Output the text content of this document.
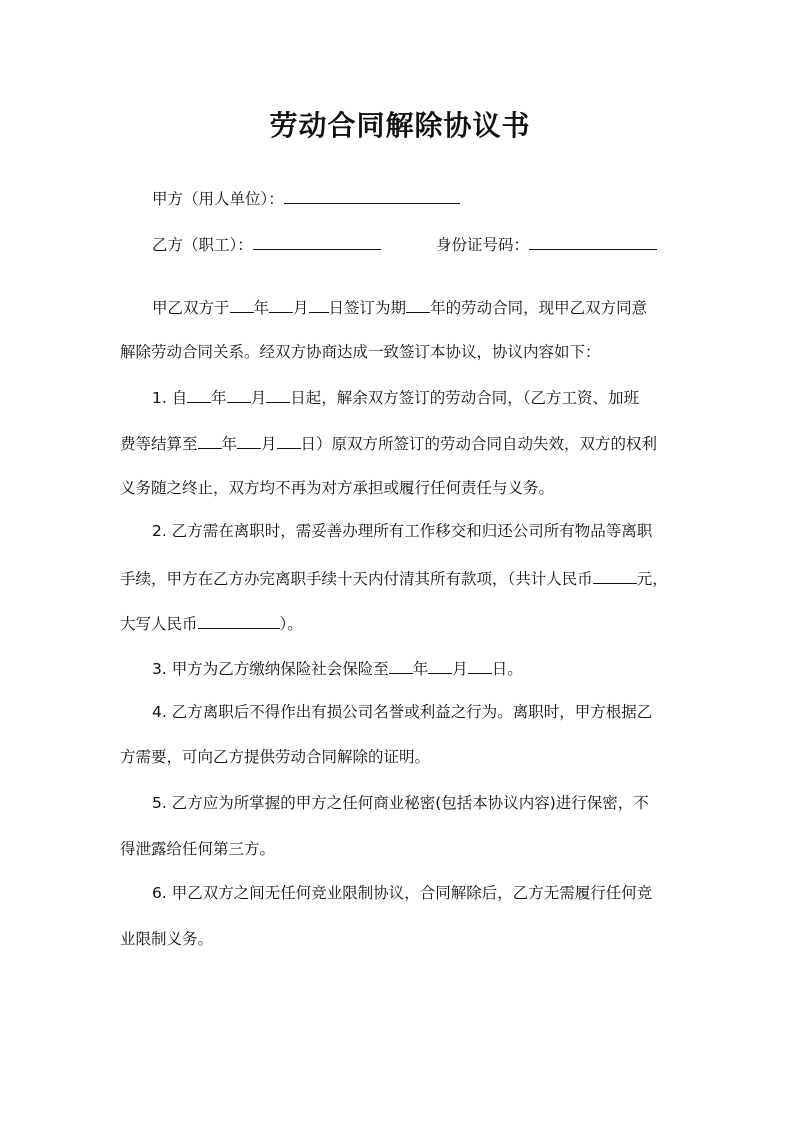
劳动合同解除协议书
甲方（用人单位）：
乙方（职工）：	身份证号码：
甲乙双方于 年 月 日签订为期 年的劳动合同，现甲乙双方同意
解除劳动合同关系。经双方协商达成一致签订本协议，协议内容如下：
1. 自 年 月 日起，解余双方签订的劳动合同，（乙方工资、加班
费等结算至 年 月 日）原双方所签订的劳动合同自动失效，双方的权利
义务随之终止，双方均不再为对方承担或履行任何责任与义务。
2. 乙方需在离职时，需妥善办理所有工作移交和归还公司所有物品等离职
手续，甲方在乙方办完离职手续十天内付清其所有款项，（共计人民币	元，
大写人民币	）。
3. 甲方为乙方缴纳保险社会保险至 年 月 日。
4. 乙方离职后不得作出有损公司名誉或利益之行为。离职时，甲方根据乙
方需要，可向乙方提供劳动合同解除的证明。
5. 乙方应为所掌握的甲方之任何商业秘密(包括本协议内容)进行保密，不
得泄露给任何第三方。
6. 甲乙双方之间无任何竞业限制协议，合同解除后，乙方无需履行任何竞
业限制义务。
